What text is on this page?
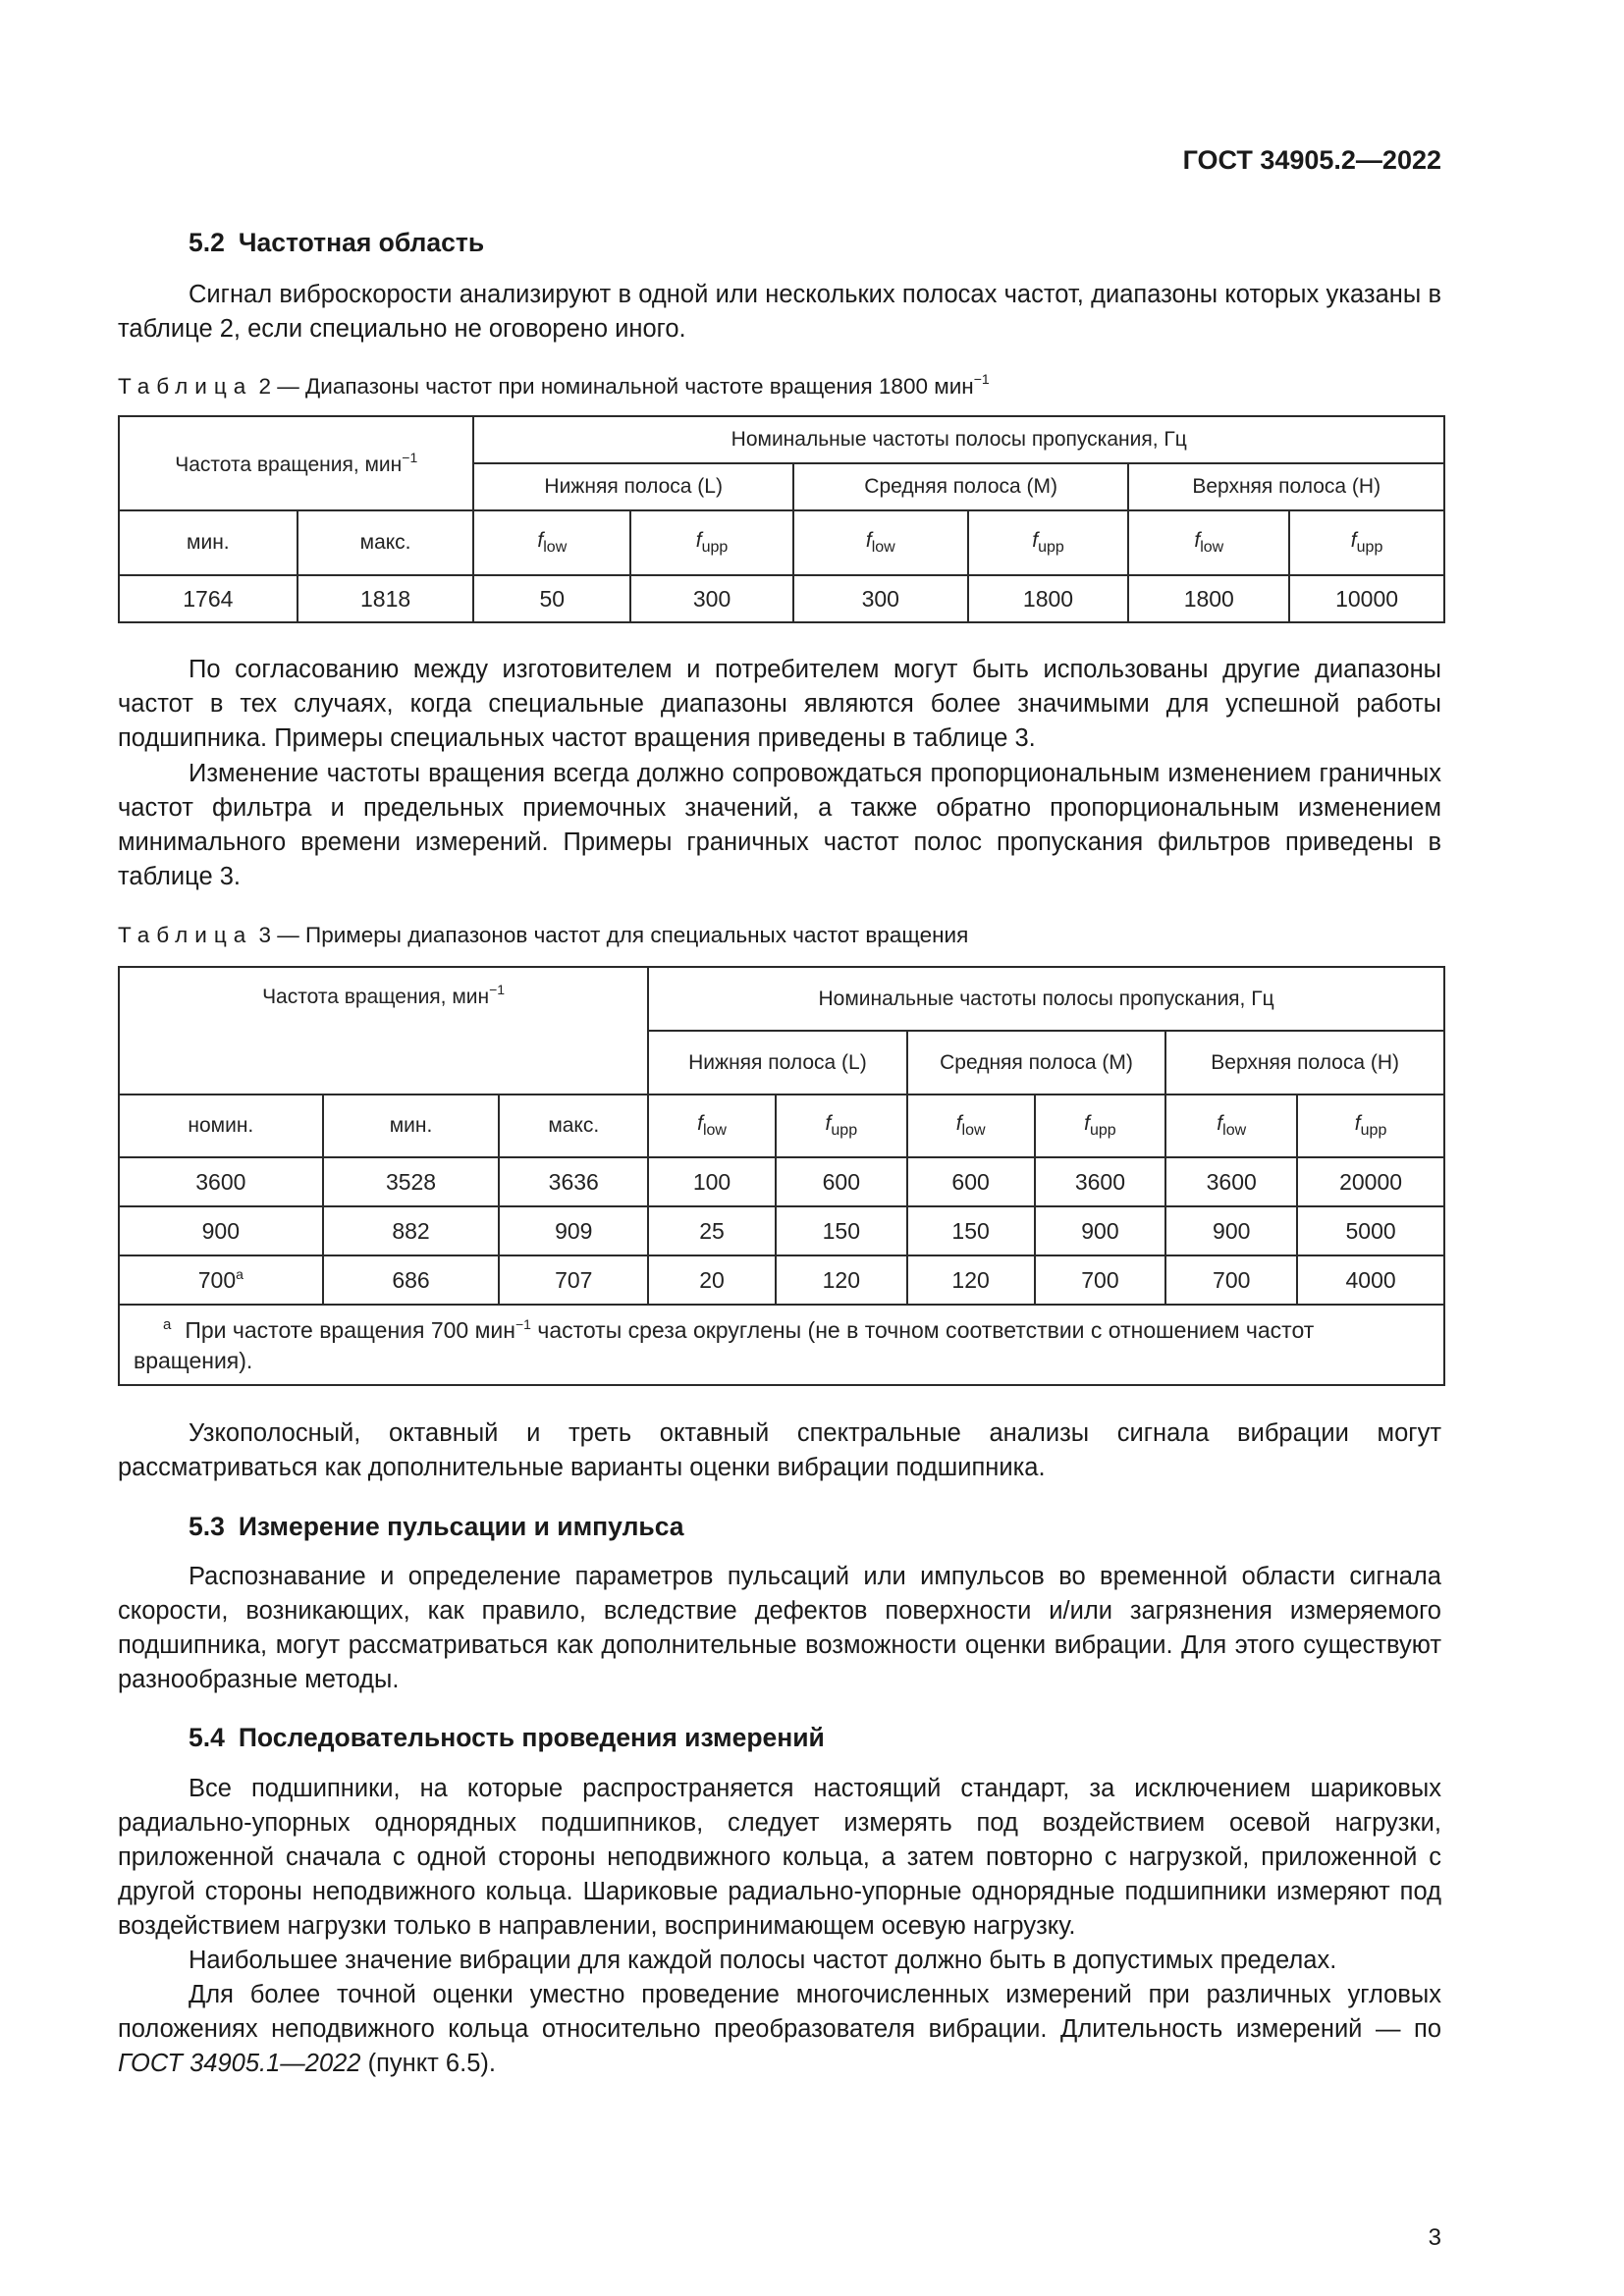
ГОСТ 34905.2—2022
5.2 Частотная область

Сигнал виброскорости анализируют в одной или нескольких полосах частот, диапазоны которых указаны в таблице 2, если специально не оговорено иного.

Таблица 2 — Диапазоны частот при номинальной частоте вращения 1800 мин$^{-1}$

Частота вращения, мин$^{-1}$		Номинальные частоты полосы пропускания, Гц					
		Нижняя полоса (L)		Средняя полоса (M)		Верхняя полоса (H)	
мин.	макс.	$f_{low}$	$f_{upp}$	$f_{low}$	$f_{upp}$	$f_{low}$	$f_{upp}$
1764	1818	50	300	300	1800	1800	10000

По согласованию между изготовителем и потребителем могут быть использованы другие диапазоны частот в тех случаях, когда специальные диапазоны являются более значимыми для успешной работы подшипника. Примеры специальных частот вращения приведены в таблице 3.

Изменение частоты вращения всегда должно сопровождаться пропорциональным изменением граничных частот фильтра и предельных приемочных значений, а также обратно пропорциональным изменением минимального времени измерений. Примеры граничных частот полос пропускания фильтров приведены в таблице 3.

Таблица 3 — Примеры диапазонов частот для специальных частот вращения

Частота вращения, мин$^{-1}$			Номинальные частоты полосы пропускания, Гц					
			Нижняя полоса (L)		Средняя полоса (M)		Верхняя полоса (H)	
номин.	мин.	макс.	$f_{low}$	$f_{upp}$	$f_{low}$	$f_{upp}$	$f_{low}$	$f_{upp}$
3600	3528	3636	100	600	600	3600	3600	20000
900	882	909	25	150	150	900	900	5000
700$^a$	686	707	20	120	120	700	700	4000
$^a$ При частоте вращения 700 мин$^{-1}$ частоты среза округлены (не в точном соответствии с отношением частот вращения).								

Узкополосный, октавный и треть октавный спектральные анализы сигнала вибрации могут рассматриваться как дополнительные варианты оценки вибрации подшипника.

5.3 Измерение пульсации и импульса

Распознавание и определение параметров пульсаций или импульсов во временной области сигнала скорости, возникающих, как правило, вследствие дефектов поверхности и/или загрязнения измеряемого подшипника, могут рассматриваться как дополнительные возможности оценки вибрации. Для этого существуют разнообразные методы.

5.4 Последовательность проведения измерений

Все подшипники, на которые распространяется настоящий стандарт, за исключением шариковых радиально-упорных однорядных подшипников, следует измерять под воздействием осевой нагрузки, приложенной сначала с одной стороны неподвижного кольца, а затем повторно с нагрузкой, приложенной с другой стороны неподвижного кольца. Шариковые радиально-упорные однорядные подшипники измеряют под воздействием нагрузки только в направлении, воспринимающем осевую нагрузку.

Наибольшее значение вибрации для каждой полосы частот должно быть в допустимых пределах.

Для более точной оценки уместно проведение многочисленных измерений при различных угловых положениях неподвижного кольца относительно преобразователя вибрации. Длительность измерений — по ГОСТ 34905.1—2022 (пункт 6.5).

3
